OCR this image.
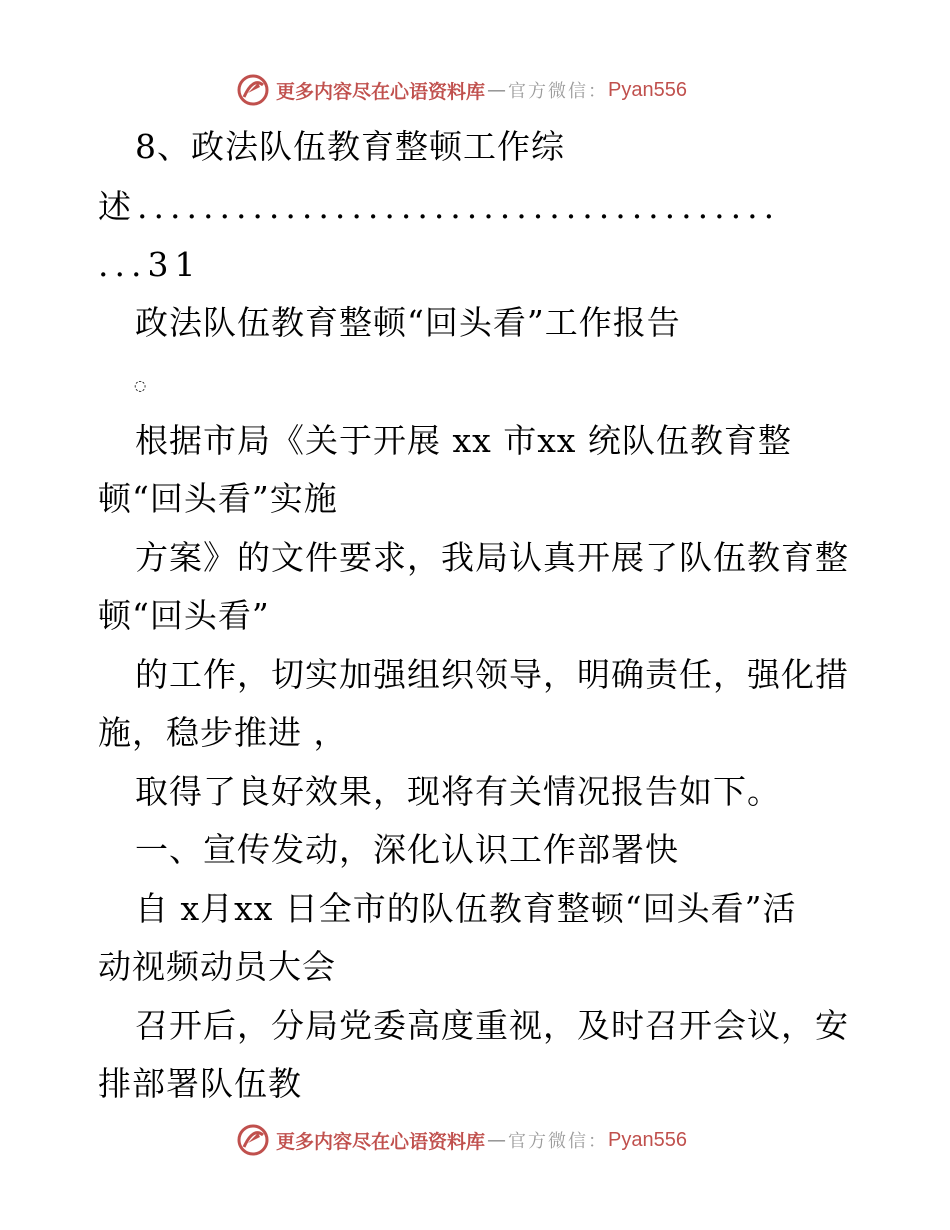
更多内容尽在心语资料库 — 官方微信： Pyan556
8、政法队伍教育整顿工作综
述.......................................
...31
政法队伍教育整顿“回头看”工作报告
◌
根据市局《关于开展 xx 市xx 统队伍教育整
顿“回头看”实施
方案》的文件要求，我局认真开展了队伍教育整
顿“回头看”
的工作，切实加强组织领导，明确责任，强化措
施，稳步推进 ，
取得了良好效果，现将有关情况报告如下。
一、宣传发动，深化认识工作部署快
自 x月xx 日全市的队伍教育整顿“回头看”活
动视频动员大会
召开后，分局党委高度重视，及时召开会议，安
排部署队伍教
更多内容尽在心语资料库 — 官方微信： Pyan556
